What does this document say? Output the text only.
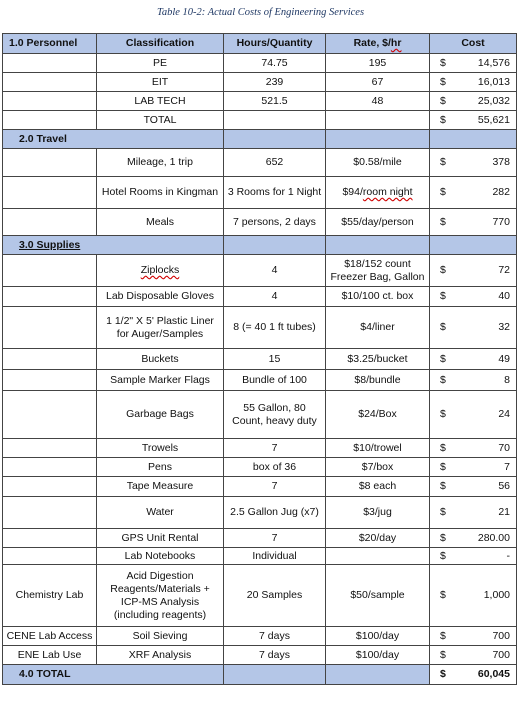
Table 10-2: Actual Costs of Engineering Services
1.0 Personnel	Classification	Hours/Quantity	Rate, $/hr	Cost	
	PE	74.75	195	$	14,576
	EIT	239	67	$	16,013
	LAB TECH	521.5	48	$	25,032
	TOTAL			$	55,621
2.0 Travel					
	Mileage, 1 trip	652	$0.58/mile	$	378
	Hotel Rooms in Kingman	3 Rooms for 1 Night	$94/room night	$	282
	Meals	7 persons, 2 days	$55/day/person	$	770
3.0 Supplies					
	Ziplocks	4	$18/152 count Freezer Bag, Gallon	$	72
	Lab Disposable Gloves	4	$10/100 ct. box	$	40
	1 1/2" X 5' Plastic Liner for Auger/Samples	8 (= 40 1 ft tubes)	$4/liner	$	32
	Buckets	15	$3.25/bucket	$	49
	Sample Marker Flags	Bundle of 100	$8/bundle	$	8
	Garbage Bags	55 Gallon, 80 Count, heavy duty	$24/Box	$	24
	Trowels	7	$10/trowel	$	70
	Pens	box of 36	$7/box	$	7
	Tape Measure	7	$8 each	$	56
	Water	2.5 Gallon Jug (x7)	$3/jug	$	21
	GPS Unit Rental	7	$20/day	$	280.00
	Lab Notebooks	Individual		$	-
Chemistry Lab	Acid Digestion Reagents/Materials + ICP-MS Analysis (including reagents)	20 Samples	$50/sample	$	1,000
CENE Lab Access	Soil Sieving	7 days	$100/day	$	700
ENE Lab Use	XRF Analysis	7 days	$100/day	$	700
4.0 TOTAL				$	60,045
